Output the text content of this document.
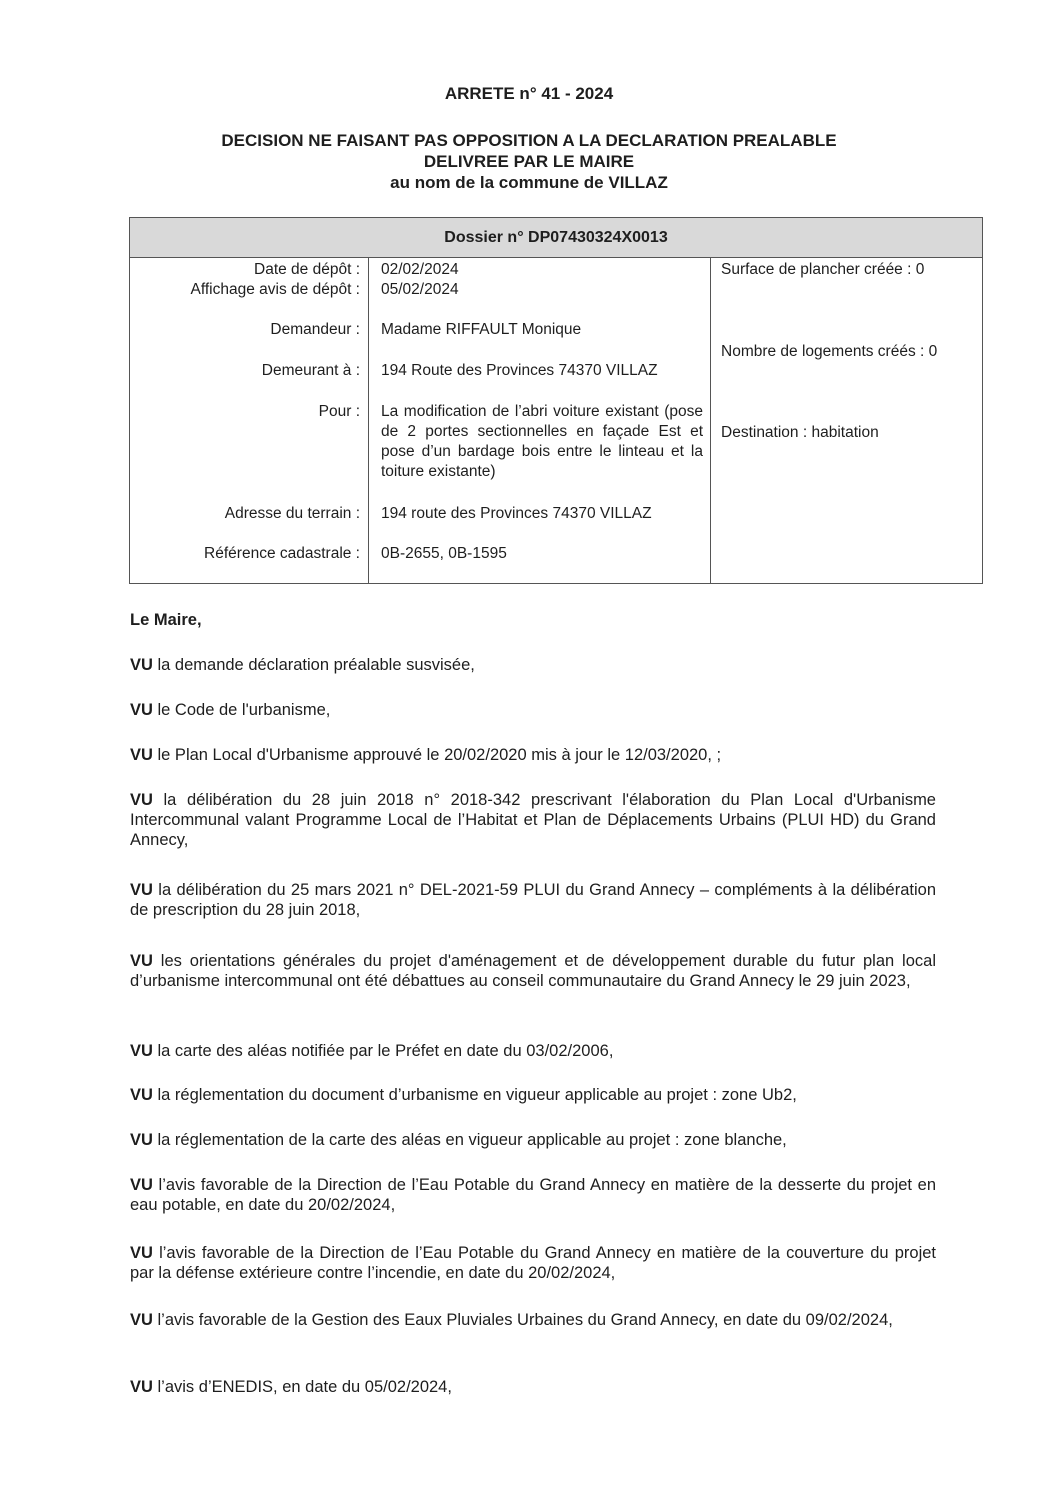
ARRETE n° 41 - 2024
DECISION NE FAISANT PAS OPPOSITION A LA DECLARATION PREALABLE
DELIVREE PAR LE MAIRE
au nom de la commune de VILLAZ
Dossier n° DP07430324X0013
Date de dépôt : 02/02/2024
Affichage avis de dépôt : 05/02/2024
Demandeur : Madame RIFFAULT Monique
Demeurant à : 194 Route des Provinces 74370 VILLAZ
Pour : La modification de l’abri voiture existant (pose de 2 portes sectionnelles en façade Est et pose d’un bardage bois entre le linteau et la toiture existante)
Adresse du terrain : 194 route des Provinces 74370 VILLAZ
Référence cadastrale : 0B-2655, 0B-1595
Surface de plancher créée : 0
Nombre de logements créés : 0
Destination : habitation
Le Maire,
VU la demande déclaration préalable susvisée,
VU le Code de l'urbanisme,
VU le Plan Local d'Urbanisme approuvé le 20/02/2020 mis à jour le 12/03/2020, ;
VU la délibération du 28 juin 2018 n° 2018-342 prescrivant l'élaboration du Plan Local d'Urbanisme Intercommunal valant Programme Local de l’Habitat et Plan de Déplacements Urbains (PLUI HD) du Grand Annecy,
VU la délibération du 25 mars 2021 n° DEL-2021-59 PLUI du Grand Annecy – compléments à la délibération de prescription du 28 juin 2018,
VU les orientations générales du projet d'aménagement et de développement durable du futur plan local d’urbanisme intercommunal ont été débattues au conseil communautaire du Grand Annecy le 29 juin 2023,
VU la carte des aléas notifiée par le Préfet en date du 03/02/2006,
VU la réglementation du document d’urbanisme en vigueur applicable au projet : zone Ub2,
VU la réglementation de la carte des aléas en vigueur applicable au projet : zone blanche,
VU l’avis favorable de la Direction de l’Eau Potable du Grand Annecy en matière de la desserte du projet en eau potable, en date du 20/02/2024,
VU l’avis favorable de la Direction de l’Eau Potable du Grand Annecy en matière de la couverture du projet par la défense extérieure contre l’incendie, en date du 20/02/2024,
VU l’avis favorable de la Gestion des Eaux Pluviales Urbaines du Grand Annecy, en date du 09/02/2024,
VU l’avis d’ENEDIS, en date du 05/02/2024,
